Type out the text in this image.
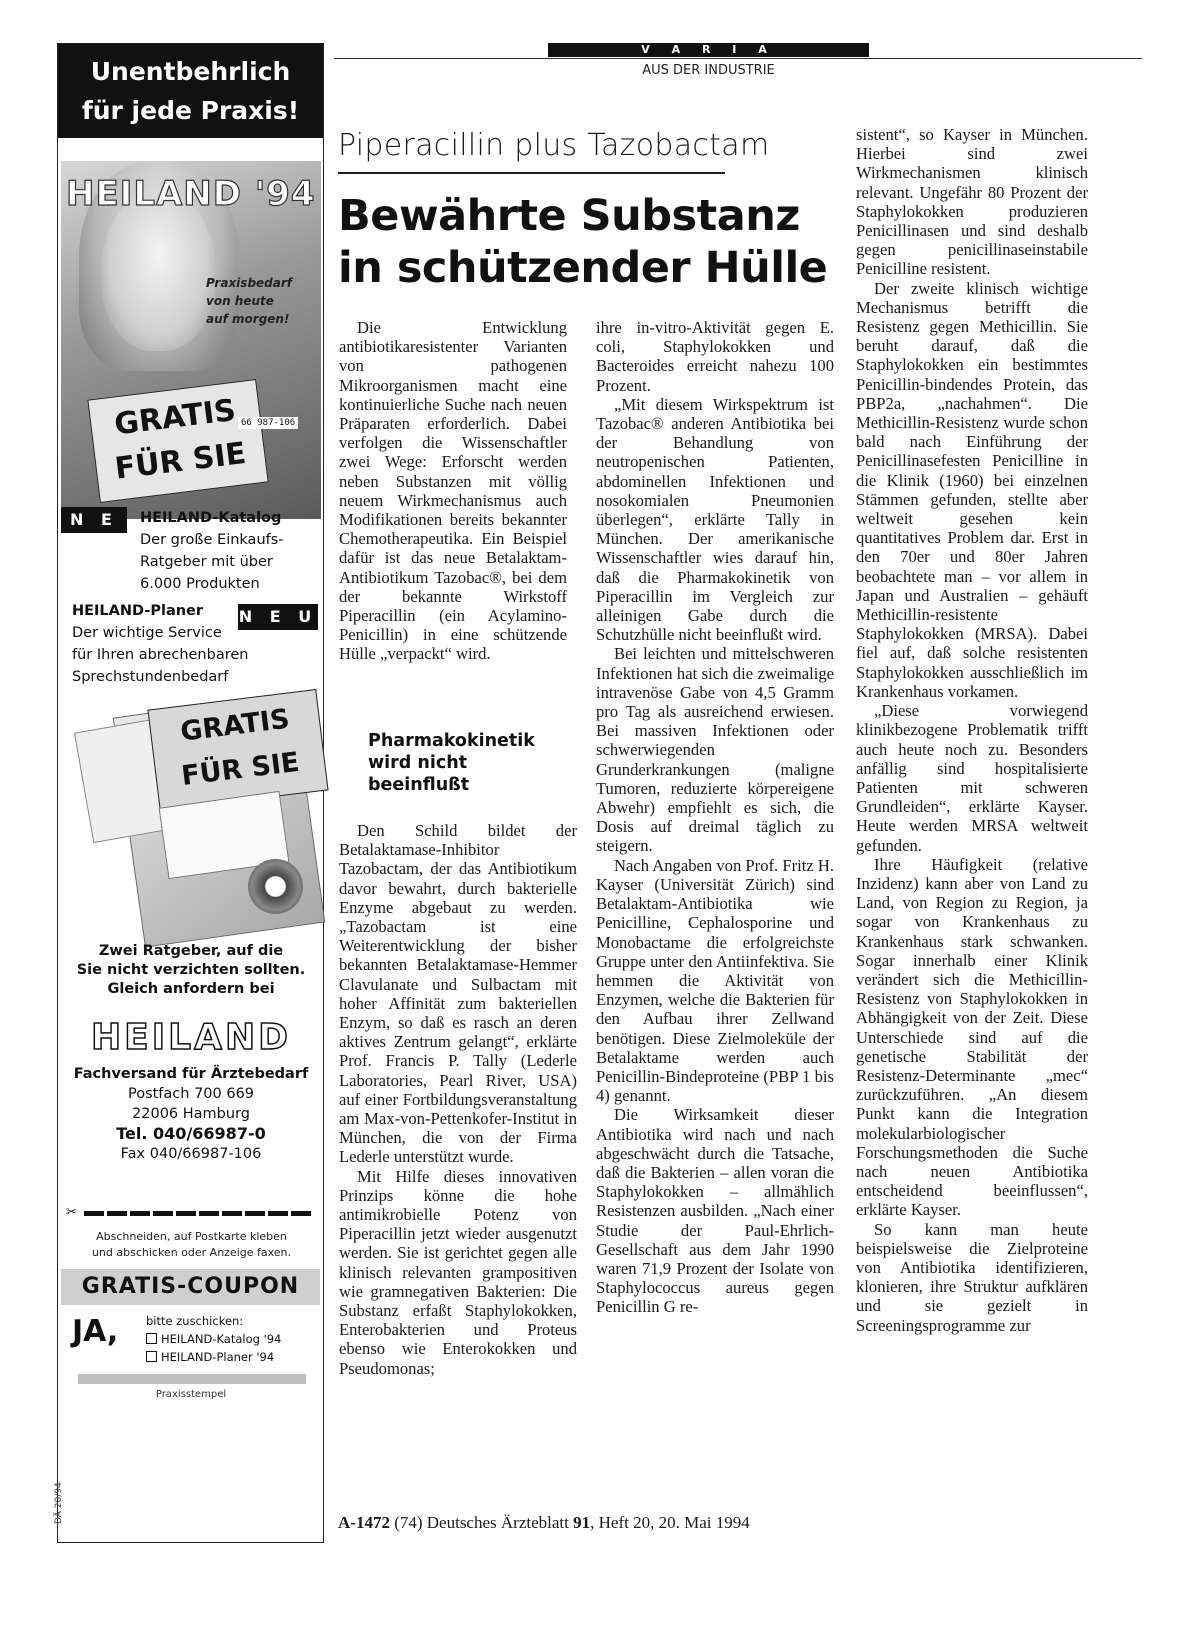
Unentbehrlich
für jede Praxis!
HEILAND '94
Praxisbedarf
von heute
auf morgen!
GRATIS
FÜR SIE
66 987-106
N E U
HEILAND-Katalog
Der große Einkaufs-
Ratgeber mit über
6.000 Produkten
HEILAND-Planer
Der wichtige Service
für Ihren abrechenbaren
Sprechstundenbedarf
N E U
GRATIS
FÜR SIE
Zwei Ratgeber, auf die
Sie nicht verzichten sollten.
Gleich anfordern bei
HEILAND
Fachversand für Ärztebedarf
Postfach 700 669
22006 Hamburg
Tel. 040/66987-0
Fax 040/66987-106
✂
Abschneiden, auf Postkarte kleben
und abschicken oder Anzeige faxen.
GRATIS-COUPON
JA, bitte zuschicken:
HEILAND-Katalog '94
HEILAND-Planer '94
Praxisstempel
DÄ 20/94
V A R I A
AUS DER INDUSTRIE
Piperacillin plus Tazobactam
Bewährte Substanz
in schützender Hülle

Die Entwicklung antibiotikaresistenter Varianten von pathogenen Mikroorganismen macht eine kontinuierliche Suche nach neuen Präparaten erforderlich. Dabei verfolgen die Wissenschaftler zwei Wege: Erforscht werden neben Substanzen mit völlig neuem Wirkmechanismus auch Modifikationen bereits bekannter Chemotherapeutika. Ein Beispiel dafür ist das neue Betalaktam-Antibiotikum Tazobac®, bei dem der bekannte Wirkstoff Piperacillin (ein Acylamino-Penicillin) in eine schützende Hülle „verpackt“ wird.

Pharmakokinetik
wird nicht
beeinflußt

Den Schild bildet der Betalaktamase-Inhibitor Tazobactam, der das Antibiotikum davor bewahrt, durch bakterielle Enzyme abgebaut zu werden. „Tazobactam ist eine Weiterentwicklung der bisher bekannten Betalaktamase-Hemmer Clavulanate und Sulbactam mit hoher Affinität zum bakteriellen Enzym, so daß es rasch an deren aktives Zentrum gelangt“, erklärte Prof. Francis P. Tally (Lederle Laboratories, Pearl River, USA) auf einer Fortbildungsveranstaltung am Max-von-Pettenkofer-Institut in München, die von der Firma Lederle unterstützt wurde.

Mit Hilfe dieses innovativen Prinzips könne die hohe antimikrobielle Potenz von Piperacillin jetzt wieder ausgenutzt werden. Sie ist gerichtet gegen alle klinisch relevanten grampositiven wie gramnegativen Bakterien: Die Substanz erfaßt Staphylokokken, Enterobakterien und Proteus ebenso wie Enterokokken und Pseudomonas;

ihre in-vitro-Aktivität gegen E. coli, Staphylokokken und Bacteroides erreicht nahezu 100 Prozent.

„Mit diesem Wirkspektrum ist Tazobac® anderen Antibiotika bei der Behandlung von neutropenischen Patienten, abdominellen Infektionen und nosokomialen Pneumonien überlegen“, erklärte Tally in München. Der amerikanische Wissenschaftler wies darauf hin, daß die Pharmakokinetik von Piperacillin im Vergleich zur alleinigen Gabe durch die Schutzhülle nicht beeinflußt wird.

Bei leichten und mittelschweren Infektionen hat sich die zweimalige intravenöse Gabe von 4,5 Gramm pro Tag als ausreichend erwiesen. Bei massiven Infektionen oder schwerwiegenden Grunderkrankungen (maligne Tumoren, reduzierte körpereigene Abwehr) empfiehlt es sich, die Dosis auf dreimal täglich zu steigern.

Nach Angaben von Prof. Fritz H. Kayser (Universität Zürich) sind Betalaktam-Antibiotika wie Penicilline, Cephalosporine und Monobactame die erfolgreichste Gruppe unter den Antiinfektiva. Sie hemmen die Aktivität von Enzymen, welche die Bakterien für den Aufbau ihrer Zellwand benötigen. Diese Zielmoleküle der Betalaktame werden auch Penicillin-Bindeproteine (PBP 1 bis 4) genannt.

Die Wirksamkeit dieser Antibiotika wird nach und nach abgeschwächt durch die Tatsache, daß die Bakterien – allen voran die Staphylokokken – allmählich Resistenzen ausbilden. „Nach einer Studie der Paul-Ehrlich-Gesellschaft aus dem Jahr 1990 waren 71,9 Prozent der Isolate von Staphylococcus aureus gegen Penicillin G re-

sistent“, so Kayser in München. Hierbei sind zwei Wirkmechanismen klinisch relevant. Ungefähr 80 Prozent der Staphylokokken produzieren Penicillinasen und sind deshalb gegen penicillinaseinstabile Penicilline resistent.

Der zweite klinisch wichtige Mechanismus betrifft die Resistenz gegen Methicillin. Sie beruht darauf, daß die Staphylokokken ein bestimmtes Penicillin-bindendes Protein, das PBP2a, „nachahmen“. Die Methicillin-Resistenz wurde schon bald nach Einführung der Penicillinasefesten Penicilline in die Klinik (1960) bei einzelnen Stämmen gefunden, stellte aber weltweit gesehen kein quantitatives Problem dar. Erst in den 70er und 80er Jahren beobachtete man – vor allem in Japan und Australien – gehäuft Methicillin-resistente Staphylokokken (MRSA). Dabei fiel auf, daß solche resistenten Staphylokokken ausschließlich im Krankenhaus vorkamen.

„Diese vorwiegend klinikbezogene Problematik trifft auch heute noch zu. Besonders anfällig sind hospitalisierte Patienten mit schweren Grundleiden“, erklärte Kayser. Heute werden MRSA weltweit gefunden.

Ihre Häufigkeit (relative Inzidenz) kann aber von Land zu Land, von Region zu Region, ja sogar von Krankenhaus zu Krankenhaus stark schwanken. Sogar innerhalb einer Klinik verändert sich die Methicillin-Resistenz von Staphylokokken in Abhängigkeit von der Zeit. Diese Unterschiede sind auf die genetische Stabilität der Resistenz-Determinante „mec“ zurückzuführen. „An diesem Punkt kann die Integration molekularbiologischer Forschungsmethoden die Suche nach neuen Antibiotika entscheidend beeinflussen“, erklärte Kayser.

So kann man heute beispielsweise die Zielproteine von Antibiotika identifizieren, klonieren, ihre Struktur aufklären und sie gezielt in Screeningsprogramme zur

A-1472 (74) Deutsches Ärzteblatt 91, Heft 20, 20. Mai 1994
